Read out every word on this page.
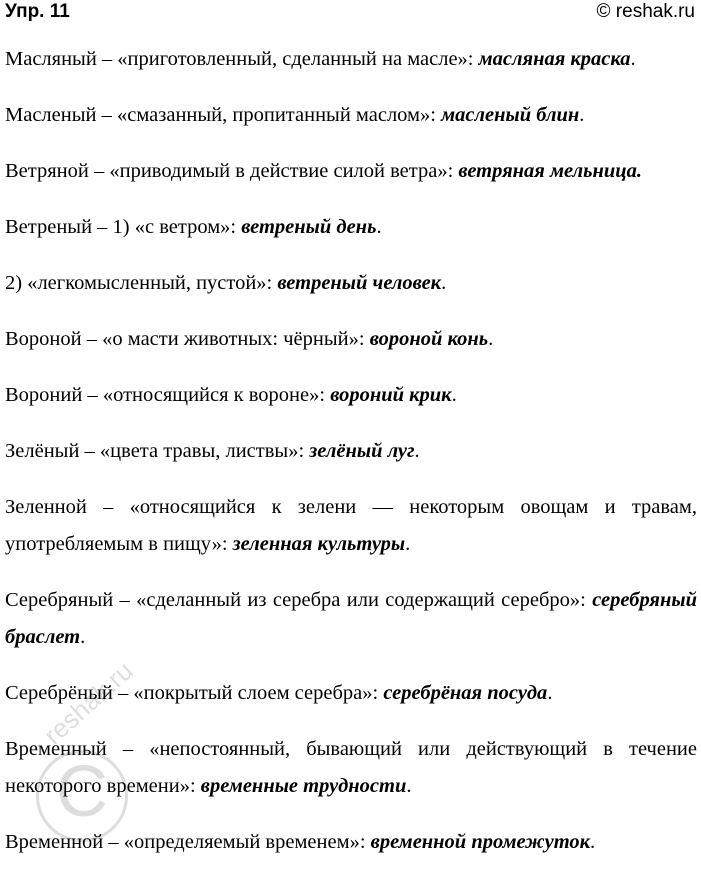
Упр. 11	© reshak.ru

Масляный – «приготовленный, сделанный на масле»: масляная краска.

Масленый – «смазанный, пропитанный маслом»: масленый блин.

Ветряной – «приводимый в действие силой ветра»: ветряная мельница.

Ветреный – 1) «с ветром»: ветреный день.

2) «легкомысленный, пустой»: ветреный человек.

Вороной – «о масти животных: чёрный»: вороной конь.

Вороний – «относящийся к вороне»: вороний крик.

Зелёный – «цвета травы, листвы»: зелёный луг.

Зеленной – «относящийся к зелени — некоторым овощам и травам, употребляемым в пищу»: зеленная культуры.

Серебряный – «сделанный из серебра или содержащий серебро»: серебряный браслет.

Серебрёный – «покрытый слоем серебра»: серебрёная посуда.

Временный – «непостоянный, бывающий или действующий в течение некоторого времени»: временные трудности.

Временной – «определяемый временем»: временной промежуток.

C
reshak.ru
